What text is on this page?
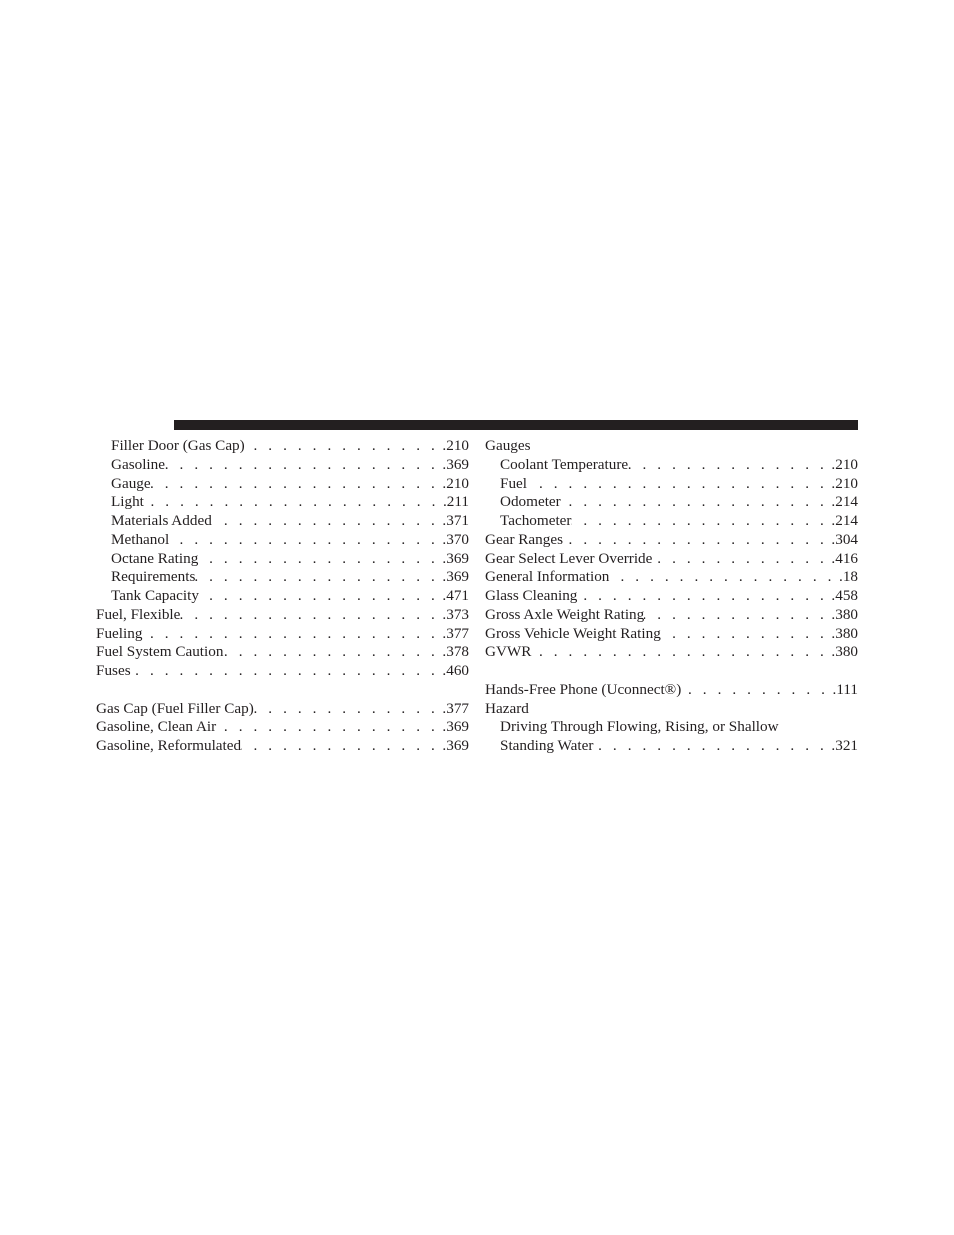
Filler Door (Gas Cap) . . .	.210
Gasoline . . .	.369
Gauge . . .	.210
Light . . .	.211
Materials Added . . .	.371
Methanol . . .	.370
Octane Rating . . .	.369
Requirements . . .	.369
Tank Capacity . . .	.471
Fuel, Flexible . . .	.373
Fueling . . .	.377
Fuel System Caution . . .	.378
Fuses . . .	.460
Gas Cap (Fuel Filler Cap) . . .	.377
Gasoline, Clean Air . . .	.369
Gasoline, Reformulated . . .	.369
Gauges
Coolant Temperature . . .	.210
Fuel . . .	.210
Odometer . . .	.214
Tachometer . . .	.214
Gear Ranges . . .	.304
Gear Select Lever Override . . .	.416
General Information . . .	.18
Glass Cleaning . . .	.458
Gross Axle Weight Rating . . .	.380
Gross Vehicle Weight Rating . . .	.380
GVWR . . .	.380
Hands-Free Phone (Uconnect®) . . .	.111
Hazard
Driving Through Flowing, Rising, or Shallow
Standing Water . . .	.321
